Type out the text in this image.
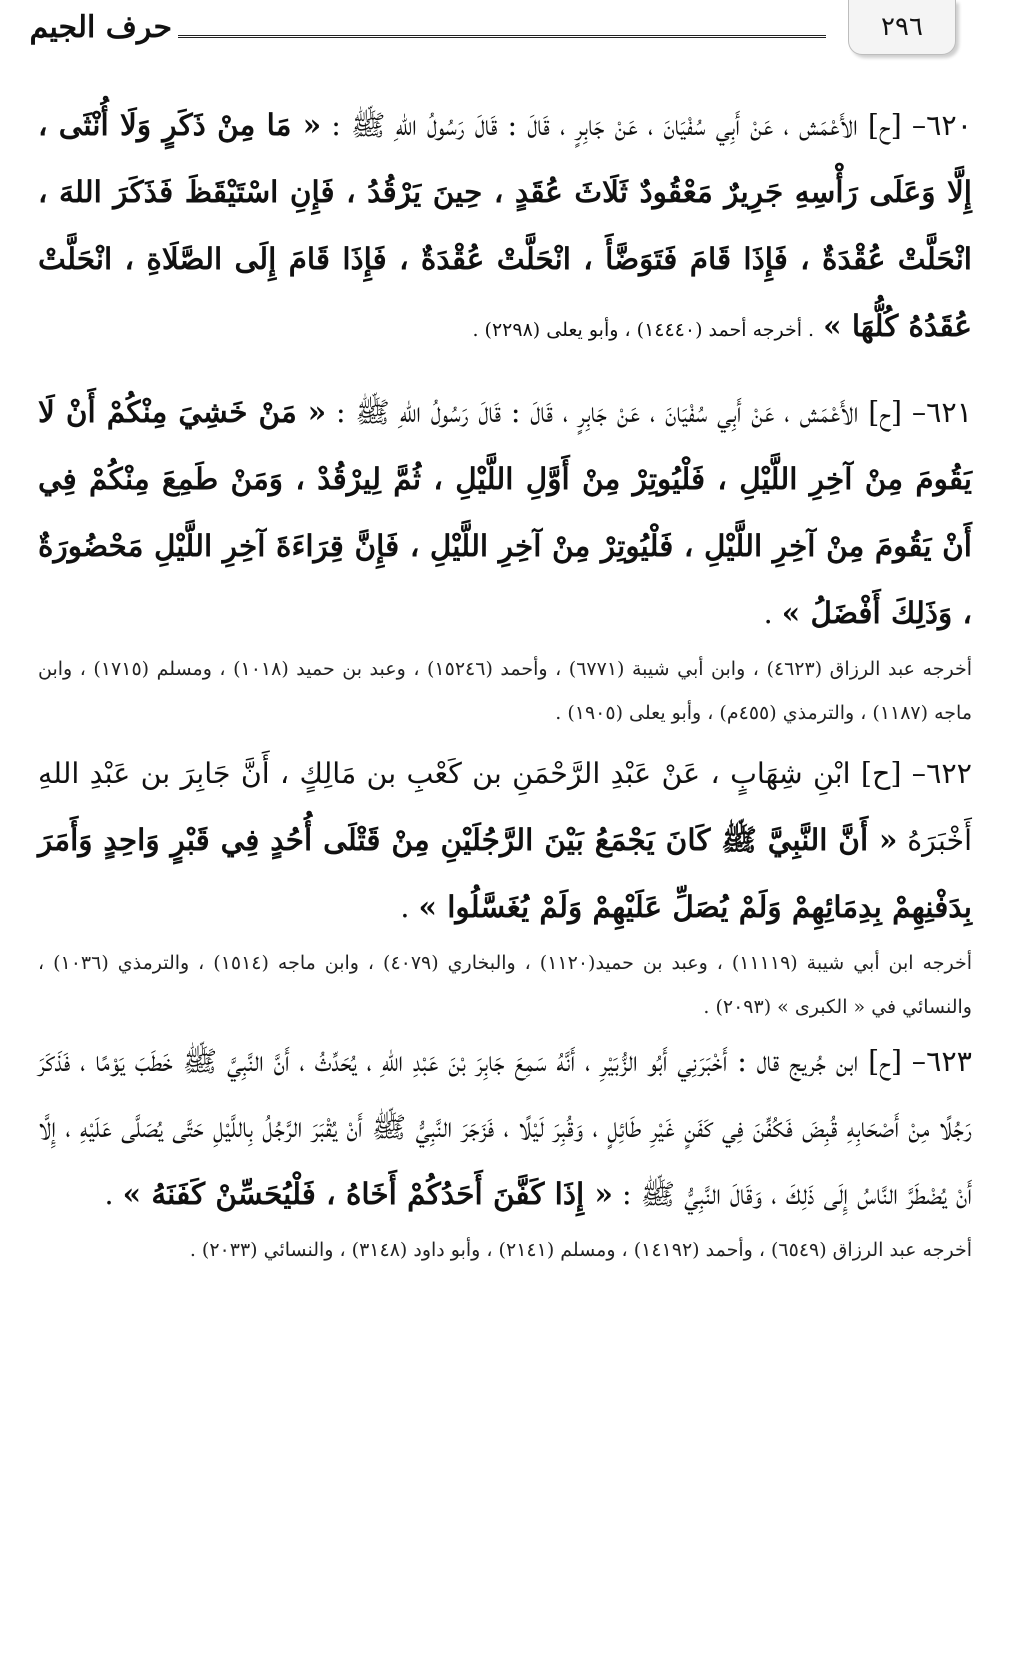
٢٩٦
حرف الجيم

٦٢٠– [ح] الأَعْمَش ، عَنْ أَبِي سُفْيَانَ ، عَنْ جَابِرٍ ، قَالَ : قَالَ رَسُولُ اللهِ ﷺ : « مَا مِنْ ذَكَرٍ وَلَا أُنْثَى ، إِلَّا وَعَلَى رَأْسِهِ جَرِيرٌ مَعْقُودٌ ثَلَاثَ عُقَدٍ ، حِينَ يَرْقُدُ ، فَإِنِ اسْتَيْقَظَ فَذَكَرَ اللهَ ، انْحَلَّتْ عُقْدَةٌ ، فَإِذَا قَامَ فَتَوَضَّأَ ، انْحَلَّتْ عُقْدَةٌ ، فَإِذَا قَامَ إِلَى الصَّلَاةِ ، انْحَلَّتْ عُقَدُهُ كُلُّهَا » . أخرجه أحمد (١٤٤٤٠) ، وأبو يعلى (٢٢٩٨) .

٦٢١– [ح] الأَعْمَش ، عَنْ أَبِي سُفْيَانَ ، عَنْ جَابِرٍ ، قَالَ : قَالَ رَسُولُ اللهِ ﷺ : « مَنْ خَشِيَ مِنْكُمْ أَنْ لَا يَقُومَ مِنْ آخِرِ اللَّيْلِ ، فَلْيُوتِرْ مِنْ أَوَّلِ اللَّيْلِ ، ثُمَّ لِيرْقُدْ ، وَمَنْ طَمِعَ مِنْكُمْ فِي أَنْ يَقُومَ مِنْ آخِرِ اللَّيْلِ ، فَلْيُوتِرْ مِنْ آخِرِ اللَّيْلِ ، فَإِنَّ قِرَاءَةَ آخِرِ اللَّيْلِ مَحْضُورَةٌ ، وَذَلِكَ أَفْضَلُ » .

أخرجه عبد الرزاق (٤٦٢٣) ، وابن أبي شيبة (٦٧٧١) ، وأحمد (١٥٢٤٦) ، وعبد بن حميد (١٠١٨) ، ومسلم (١٧١٥) ، وابن ماجه (١١٨٧) ، والترمذي (٤٥٥م) ، وأبو يعلى (١٩٠٥) .

٦٢٢– [ح] ابْنِ شِهَابٍ ، عَنْ عَبْدِ الرَّحْمَنِ بن كَعْبِ بن مَالِكٍ ، أَنَّ جَابِرَ بن عَبْدِ اللهِ أَخْبَرَهُ « أَنَّ النَّبِيَّ ﷺ كَانَ يَجْمَعُ بَيْنَ الرَّجُلَيْنِ مِنْ قَتْلَى أُحُدٍ فِي قَبْرٍ وَاحِدٍ وَأَمَرَ بِدَفْنِهِمْ بِدِمَائِهِمْ وَلَمْ يُصَلِّ عَلَيْهِمْ وَلَمْ يُغَسَّلُوا » .

أخرجه ابن أبي شيبة (١١١١٩) ، وعبد بن حميد(١١٢٠) ، والبخاري (٤٠٧٩) ، وابن ماجه (١٥١٤) ، والترمذي (١٠٣٦) ، والنسائي في « الكبرى » (٢٠٩٣) .

٦٢٣– [ح] ابن جُريج قال : أَخْبَرَنِي أَبُو الزُّبَيْرِ ، أَنَّهُ سَمِعَ جَابِرَ بْنَ عَبْدِ اللهِ ، يُحَدِّثُ ، أَنَّ النَّبِيَّ ﷺ خَطَبَ يَوْمًا ، فَذَكَرَ رَجُلًا مِنْ أَصْحَابِهِ قُبِضَ فَكُفِّنَ فِي كَفَنٍ غَيْرِ طَائِلٍ ، وَقُبِرَ لَيْلًا ، فَزَجَرَ النَّبِيُّ ﷺ أَنْ يُقْبَرَ الرَّجُلُ بِاللَّيْلِ حَتَّى يُصَلَّى عَلَيْهِ ، إِلَّا أَنْ يُضْطَرَّ النَّاسُ إِلَى ذَلِكَ ، وَقَالَ النَّبِيُّ ﷺ : « إِذَا كَفَّنَ أَحَدُكُمْ أَخَاهُ ، فَلْيُحَسِّنْ كَفَنَهُ » .

أخرجه عبد الرزاق (٦٥٤٩) ، وأحمد (١٤١٩٢) ، ومسلم (٢١٤١) ، وأبو داود (٣١٤٨) ، والنسائي (٢٠٣٣) .
